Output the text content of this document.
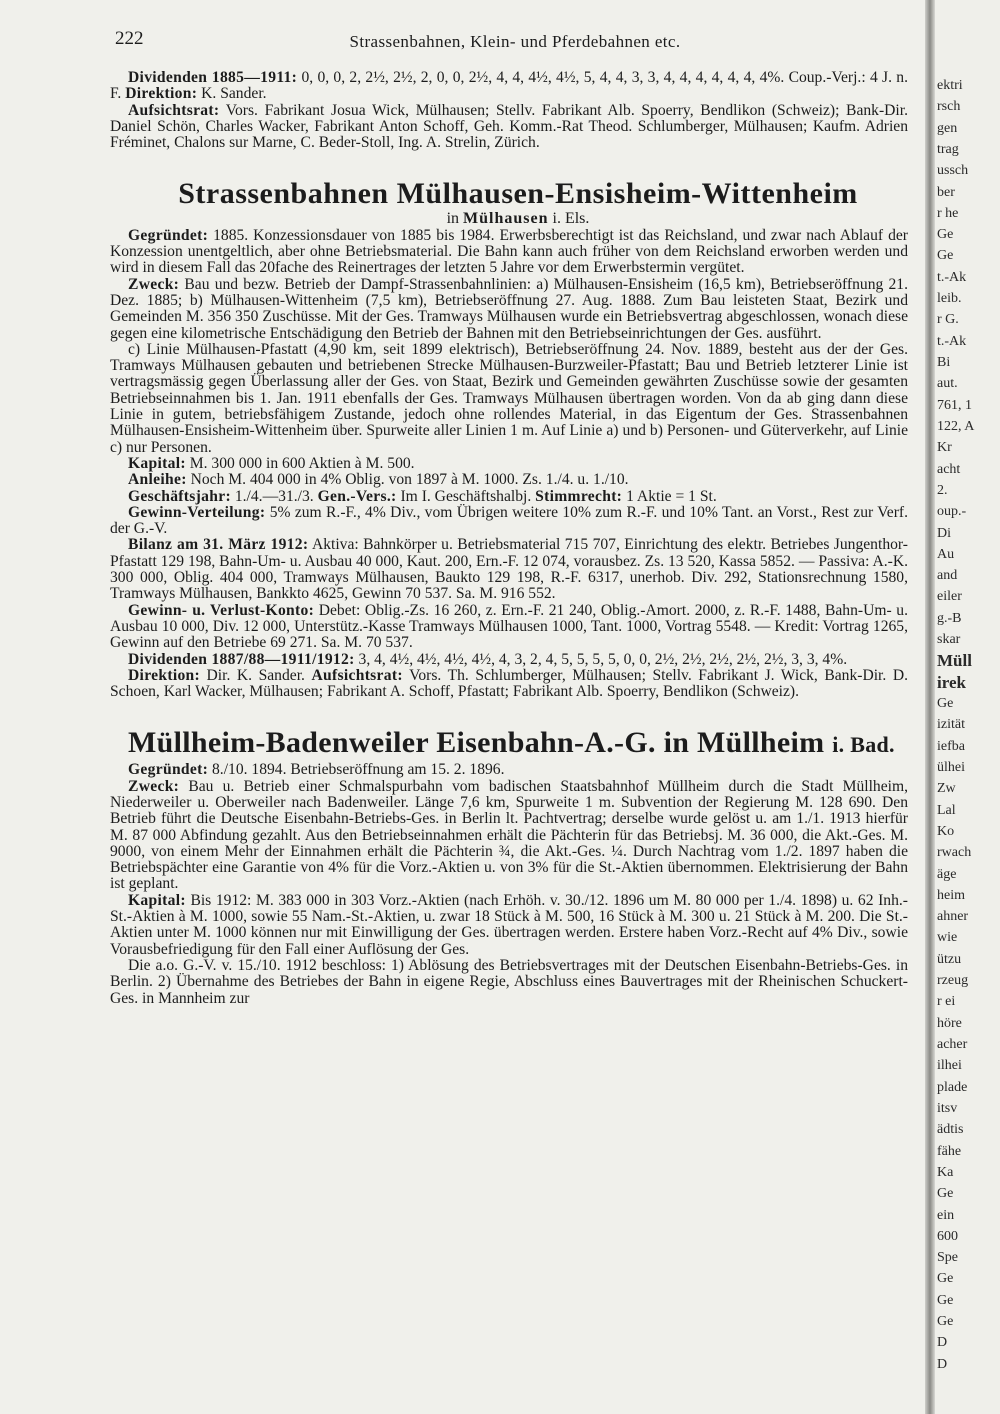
222	Strassenbahnen, Klein- und Pferdebahnen etc.

Dividenden 1885—1911: 0, 0, 0, 2, 2½, 2½, 2, 0, 0, 2½, 4, 4, 4½, 4½, 5, 4, 4, 3, 3, 4, 4, 4, 4, 4, 4, 4%. Coup.-Verj.: 4 J. n. F. Direktion: K. Sander.

Aufsichtsrat: Vors. Fabrikant Josua Wick, Mülhausen; Stellv. Fabrikant Alb. Spoerry, Bendlikon (Schweiz); Bank-Dir. Daniel Schön, Charles Wacker, Fabrikant Anton Schoff, Geh. Komm.-Rat Theod. Schlumberger, Mülhausen; Kaufm. Adrien Fréminet, Chalons sur Marne, C. Beder-Stoll, Ing. A. Strelin, Zürich.

Strassenbahnen Mülhausen-Ensisheim-Wittenheim

in Mülhausen i. Els.

Gegründet: 1885. Konzessionsdauer von 1885 bis 1984. Erwerbsberechtigt ist das Reichsland, und zwar nach Ablauf der Konzession unentgeltlich, aber ohne Betriebsmaterial. Die Bahn kann auch früher von dem Reichsland erworben werden und wird in diesem Fall das 20fache des Reinertrages der letzten 5 Jahre vor dem Erwerbstermin vergütet.

Zweck: Bau und bezw. Betrieb der Dampf-Strassenbahnlinien: a) Mülhausen-Ensisheim (16,5 km), Betriebseröffnung 21. Dez. 1885; b) Mülhausen-Wittenheim (7,5 km), Betriebseröffnung 27. Aug. 1888. Zum Bau leisteten Staat, Bezirk und Gemeinden M. 356 350 Zuschüsse. Mit der Ges. Tramways Mülhausen wurde ein Betriebsvertrag abgeschlossen, wonach diese gegen eine kilometrische Entschädigung den Betrieb der Bahnen mit den Betriebseinrichtungen der Ges. ausführt.

c) Linie Mülhausen-Pfastatt (4,90 km, seit 1899 elektrisch), Betriebseröffnung 24. Nov. 1889, besteht aus der der Ges. Tramways Mülhausen gebauten und betriebenen Strecke Mülhausen-Burzweiler-Pfastatt; Bau und Betrieb letzterer Linie ist vertragsmässig gegen Überlassung aller der Ges. von Staat, Bezirk und Gemeinden gewährten Zuschüsse sowie der gesamten Betriebseinnahmen bis 1. Jan. 1911 ebenfalls der Ges. Tramways Mülhausen übertragen worden. Von da ab ging dann diese Linie in gutem, betriebsfähigem Zustande, jedoch ohne rollendes Material, in das Eigentum der Ges. Strassenbahnen Mülhausen-Ensisheim-Wittenheim über. Spurweite aller Linien 1 m. Auf Linie a) und b) Personen- und Güterverkehr, auf Linie c) nur Personen.

Kapital: M. 300 000 in 600 Aktien à M. 500.

Anleihe: Noch M. 404 000 in 4% Oblig. von 1897 à M. 1000. Zs. 1./4. u. 1./10.

Geschäftsjahr: 1./4.—31./3. Gen.-Vers.: Im I. Geschäftshalbj. Stimmrecht: 1 Aktie = 1 St.

Gewinn-Verteilung: 5% zum R.-F., 4% Div., vom Übrigen weitere 10% zum R.-F. und 10% Tant. an Vorst., Rest zur Verf. der G.-V.

Bilanz am 31. März 1912: Aktiva: Bahnkörper u. Betriebsmaterial 715 707, Einrichtung des elektr. Betriebes Jungenthor-Pfastatt 129 198, Bahn-Um- u. Ausbau 40 000, Kaut. 200, Ern.-F. 12 074, vorausbez. Zs. 13 520, Kassa 5852. — Passiva: A.-K. 300 000, Oblig. 404 000, Tramways Mülhausen, Baukto 129 198, R.-F. 6317, unerhob. Div. 292, Stationsrechnung 1580, Tramways Mülhausen, Bankkto 4625, Gewinn 70 537. Sa. M. 916 552.

Gewinn- u. Verlust-Konto: Debet: Oblig.-Zs. 16 260, z. Ern.-F. 21 240, Oblig.-Amort. 2000, z. R.-F. 1488, Bahn-Um- u. Ausbau 10 000, Div. 12 000, Unterstütz.-Kasse Tramways Mülhausen 1000, Tant. 1000, Vortrag 5548. — Kredit: Vortrag 1265, Gewinn auf den Betriebe 69 271. Sa. M. 70 537.

Dividenden 1887/88—1911/1912: 3, 4, 4½, 4½, 4½, 4½, 4, 3, 2, 4, 5, 5, 5, 5, 0, 0, 2½, 2½, 2½, 2½, 2½, 3, 3, 4%.

Direktion: Dir. K. Sander. Aufsichtsrat: Vors. Th. Schlumberger, Mülhausen; Stellv. Fabrikant J. Wick, Bank-Dir. D. Schoen, Karl Wacker, Mülhausen; Fabrikant A. Schoff, Pfastatt; Fabrikant Alb. Spoerry, Bendlikon (Schweiz).

Müllheim-Badenweiler Eisenbahn-A.-G. in Müllheim i. Bad.

Gegründet: 8./10. 1894. Betriebseröffnung am 15. 2. 1896.

Zweck: Bau u. Betrieb einer Schmalspurbahn vom badischen Staatsbahnhof Müllheim durch die Stadt Müllheim, Niederweiler u. Oberweiler nach Badenweiler. Länge 7,6 km, Spurweite 1 m. Subvention der Regierung M. 128 690. Den Betrieb führt die Deutsche Eisenbahn-Betriebs-Ges. in Berlin lt. Pachtvertrag; derselbe wurde gelöst u. am 1./1. 1913 hierfür M. 87 000 Abfindung gezahlt. Aus den Betriebseinnahmen erhält die Pächterin für das Betriebsj. M. 36 000, die Akt.-Ges. M. 9000, von einem Mehr der Einnahmen erhält die Pächterin ¾, die Akt.-Ges. ¼. Durch Nachtrag vom 1./2. 1897 haben die Betriebspächter eine Garantie von 4% für die Vorz.-Aktien u. von 3% für die St.-Aktien übernommen. Elektrisierung der Bahn ist geplant.

Kapital: Bis 1912: M. 383 000 in 303 Vorz.-Aktien (nach Erhöh. v. 30./12. 1896 um M. 80 000 per 1./4. 1898) u. 62 Inh.-St.-Aktien à M. 1000, sowie 55 Nam.-St.-Aktien, u. zwar 18 Stück à M. 500, 16 Stück à M. 300 u. 21 Stück à M. 200. Die St.-Aktien unter M. 1000 können nur mit Einwilligung der Ges. übertragen werden. Erstere haben Vorz.-Recht auf 4% Div., sowie Vorausbefriedigung für den Fall einer Auflösung der Ges.

Die a.o. G.-V. v. 15./10. 1912 beschloss: 1) Ablösung des Betriebsvertrages mit der Deutschen Eisenbahn-Betriebs-Ges. in Berlin. 2) Übernahme des Betriebes der Bahn in eigene Regie, Abschluss eines Bauvertrages mit der Rheinischen Schuckert-Ges. in Mannheim zur

ektri
rsch
gen
trag
ussch
ber
r he
Ge
Ge
t.-Ak
leib.
r G.
t.-Ak
Bi
aut.
761, 1
122, A
Kr
acht
2.
oup.-
Di
Au
and
eiler
g.-B
skar
Müll
irek
Ge
izität
iefba
ülhei
Zw
Lal
Ko
rwach
äge
heim
ahner
wie
ützu
rzeug
r ei
höre
acher
ilhei
plade
itsv
ädtis
fähe
Ka
Ge
ein
600
Spe
Ge
Ge
Ge
D
D
